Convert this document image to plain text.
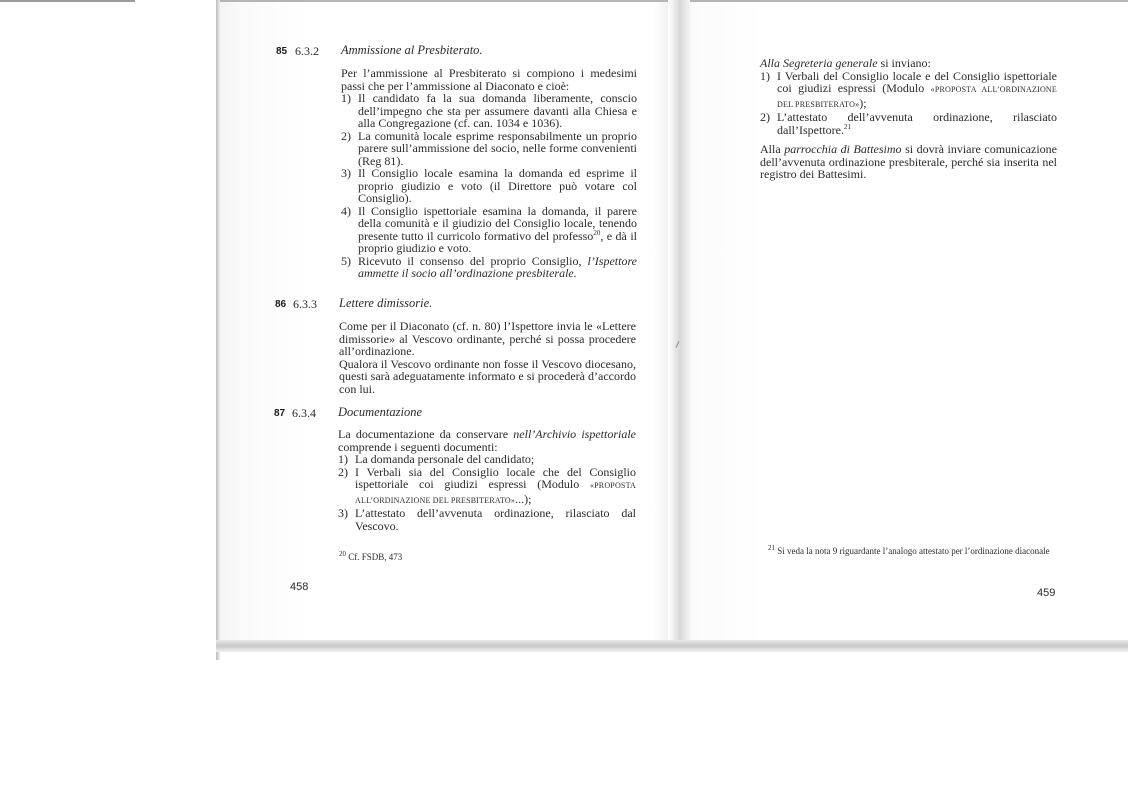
85 6.3.2 Ammissione al Presbiterato.

Per l’ammissione al Presbiterato si compiono i medesimi passi che per l’ammissione al Diaconato e cioè:

1) Il candidato fa la sua domanda liberamente, conscio dell’impegno che sta per assumere davanti alla Chiesa e alla Congregazione (cf. can. 1034 e 1036).
2) La comunità locale esprime responsabilmente un proprio parere sull’ammissione del socio, nelle forme convenienti (Reg 81).
3) Il Consiglio locale esamina la domanda ed esprime il proprio giudizio e voto (il Direttore può votare col Consiglio).
4) Il Consiglio ispettoriale esamina la domanda, il parere della comunità e il giudizio del Consiglio locale, tenendo presente tutto il curricolo formativo del professo$^{20}$, e dà il proprio giudizio e voto.
5) Ricevuto il consenso del proprio Consiglio, l’Ispettore ammette il socio all’ordinazione presbiterale.
86 6.3.3 Lettere dimissorie.

Come per il Diaconato (cf. n. 80) l’Ispettore invia le «Lettere dimissorie» al Vescovo ordinante, perché si possa procedere all’ordinazione.

Qualora il Vescovo ordinante non fosse il Vescovo diocesano, questi sarà adeguatamente informato e si procederà d’accordo con lui.

87 6.3.4 Documentazione

La documentazione da conservare nell’Archivio ispettoriale comprende i seguenti documenti:

1) La domanda personale del candidato;
2) I Verbali sia del Consiglio locale che del Consiglio ispettoriale coi giudizi espressi (Modulo «PROPOSTA ALL’ORDINAZIONE DEL PRESBITERATO»...);
3) L’attestato dell’avvenuta ordinazione, rilasciato dal Vescovo.
$^{20}$ Cf. FSDB, 473
458

Alla Segreteria generale si inviano:

1) I Verbali del Consiglio locale e del Consiglio ispettoriale coi giudizi espressi (Modulo «PROPOSTA ALL’ORDINAZIONE DEL PRESBITERATO»);
2) L’attestato dell’avvenuta ordinazione, rilasciato dall’Ispettore.$^{21}$

Alla parrocchia di Battesimo si dovrà inviare comunicazione dell’avvenuta ordinazione presbiterale, perché sia inserita nel registro dei Battesimi.

$^{21}$ Si veda la nota 9 riguardante l’analogo attestato per l’ordinazione diaconale
459
